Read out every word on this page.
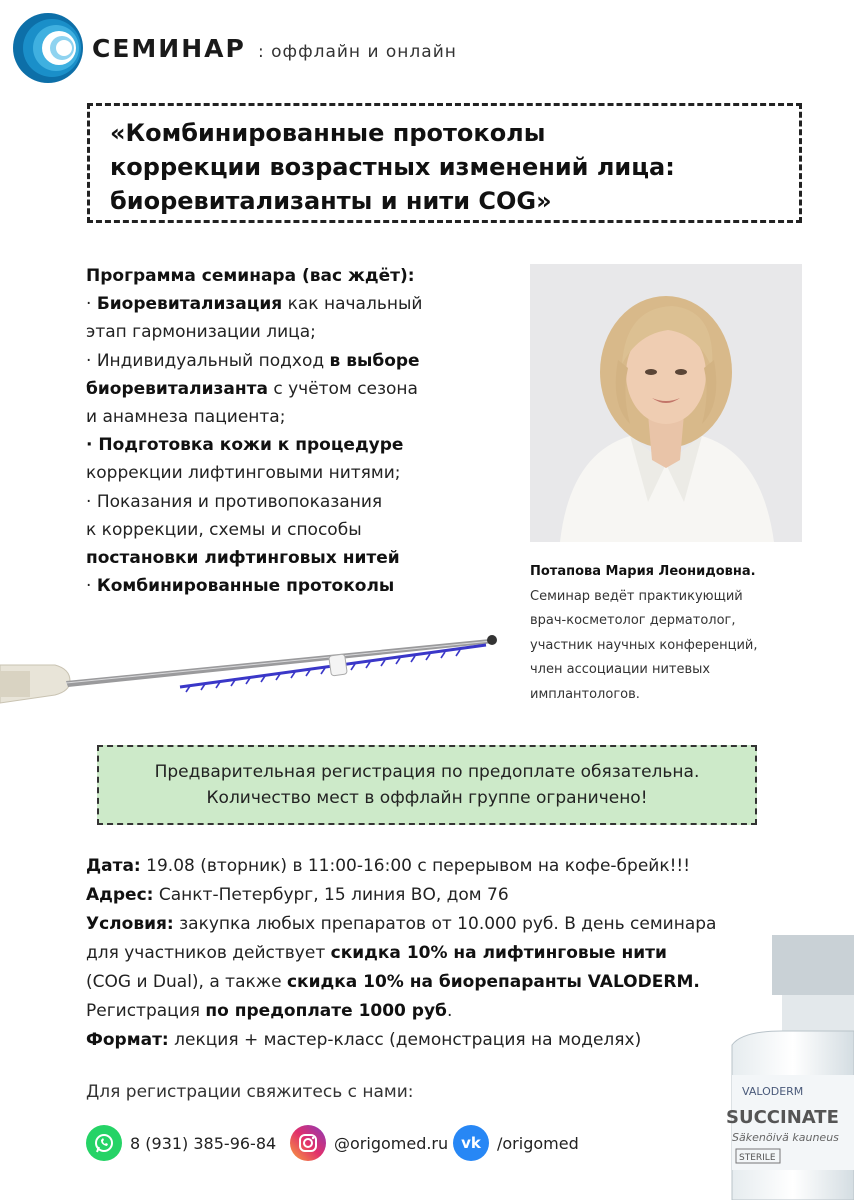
СЕМИНАР : оффлайн и онлайн
«Комбинированные протоколы
коррекции возрастных изменений лица:
биоревитализанты и нити COG»
Программа семинара (вас ждёт):
· Биоревитализация как начальный
этап гармонизации лица;
· Индивидуальный подход в выборе
биоревитализанта с учётом сезона
и анамнеза пациента;
· Подготовка кожи к процедуре
коррекции лифтинговыми нитями;
· Показания и противопоказания
к коррекции, схемы и способы
постановки лифтинговых нитей
· Комбинированные протоколы
Потапова Мария Леонидовна.
Семинар ведёт практикующий
врач-косметолог дерматолог,
участник научных конференций,
член ассоциации нитевых
имплантологов.
Предварительная регистрация по предоплате обязательна.
Количество мест в оффлайн группе ограничено!
Дата: 19.08 (вторник) в 11:00-16:00 с перерывом на кофе-брейк!!!
Адрес: Санкт-Петербург, 15 линия ВО, дом 76
Условия: закупка любых препаратов от 10.000 руб. В день семинара
для участников действует скидка 10% на лифтинговые нити
(COG и Dual), а также скидка 10% на биорепаранты VALODERM.
Регистрация по предоплате 1000 руб.
Формат: лекция + мастер-класс (демонстрация на моделях)
VALODERM
SUCCINATE
Säkenöivä kauneus
STERILE
Для регистрации свяжитесь с нами:
8 (931) 385-96-84	@origomed.ru vk /origomed
